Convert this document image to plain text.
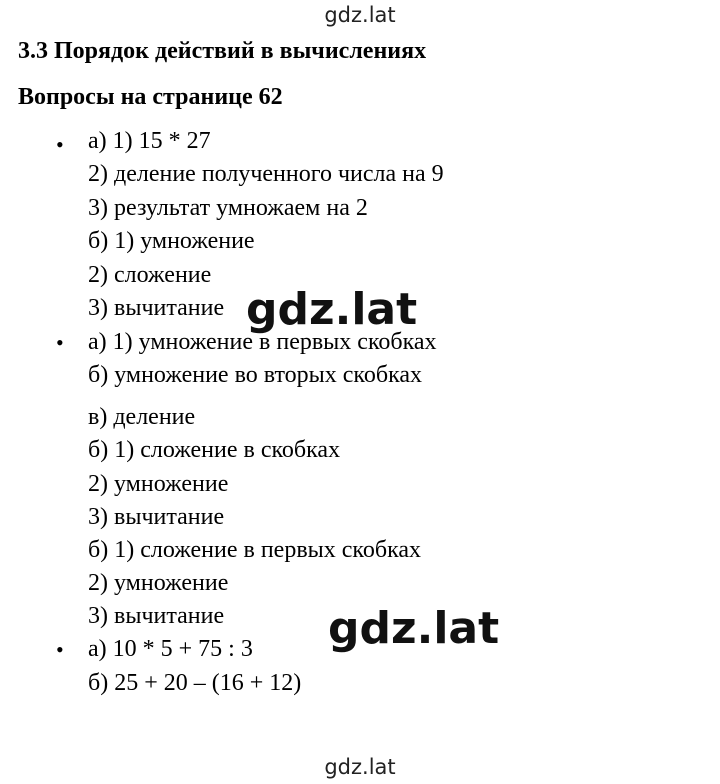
gdz.lat
3.3 Порядок действий в вычислениях
Вопросы на странице 62
•
•
•
а) 1) 15 * 27
2) деление полученного числа на 9
3) результат умножаем на 2
б) 1) умножение
2) сложение
3) вычитание
а) 1) умножение в первых скобках
б) умножение во вторых скобках
в) деление
б) 1) сложение в скобках
2) умножение
3) вычитание
б) 1) сложение в первых скобках
2) умножение
3) вычитание
а) 10 * 5 + 75 : 3
б) 25 + 20 – (16 + 12)
gdz.lat
gdz.lat
gdz.lat
